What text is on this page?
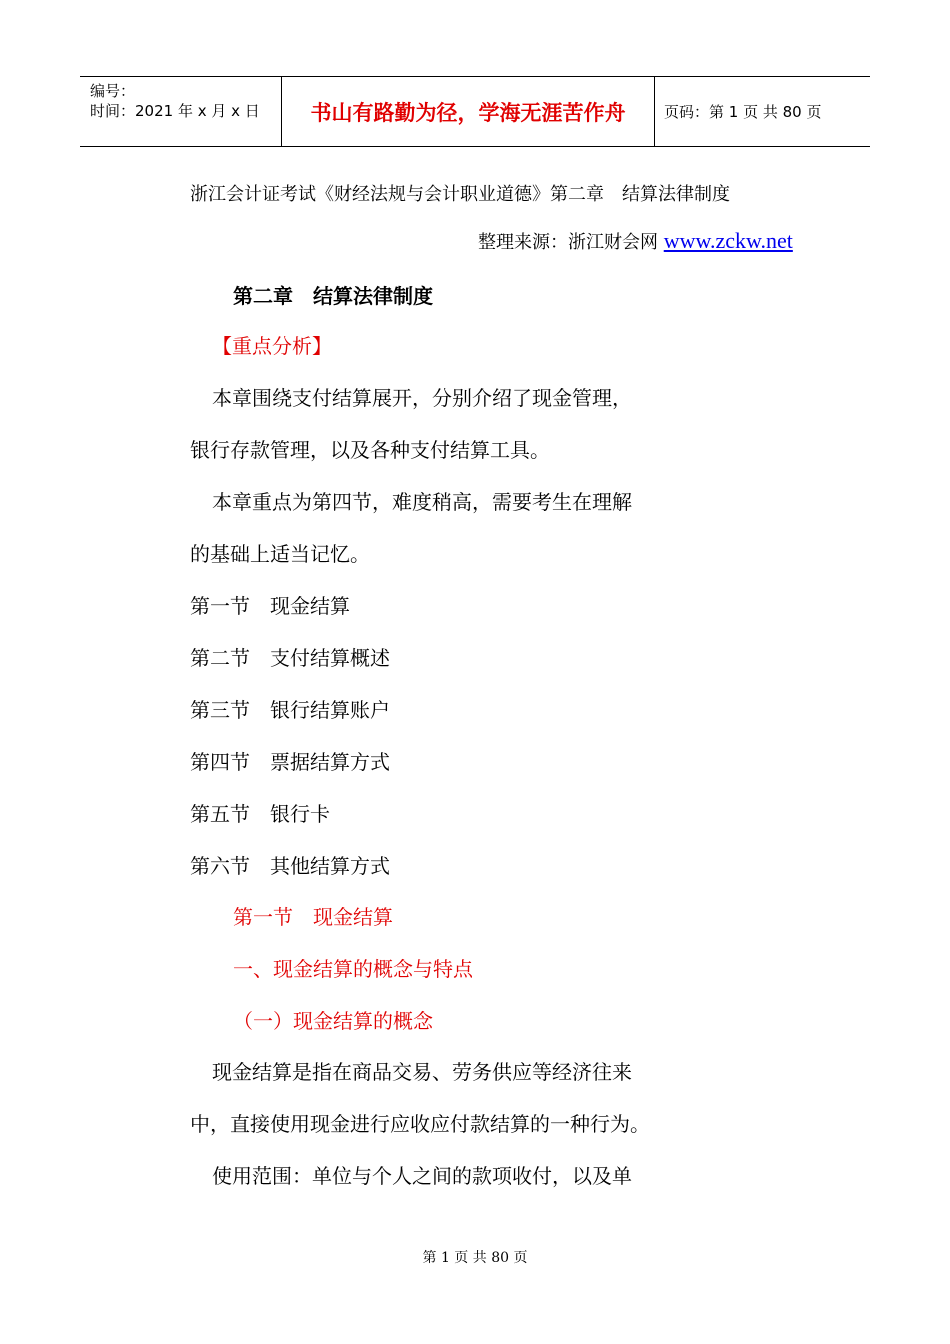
编号：
时间：2021 年 x 月 x 日	书山有路勤为径，学海无涯苦作舟	页码：第 1 页 共 80 页
浙江会计证考试《财经法规与会计职业道德》第二章　结算法律制度
整理来源：浙江财会网 www.zckw.net
第二章　结算法律制度
【重点分析】
本章围绕支付结算展开，分别介绍了现金管理，
银行存款管理，以及各种支付结算工具。
本章重点为第四节，难度稍高，需要考生在理解
的基础上适当记忆。
第一节　现金结算
第二节　支付结算概述
第三节　银行结算账户
第四节　票据结算方式
第五节　银行卡
第六节　其他结算方式
第一节　现金结算
一、现金结算的概念与特点
（一）现金结算的概念
现金结算是指在商品交易、劳务供应等经济往来
中，直接使用现金进行应收应付款结算的一种行为。
使用范围：单位与个人之间的款项收付，以及单
第 1 页 共 80 页
